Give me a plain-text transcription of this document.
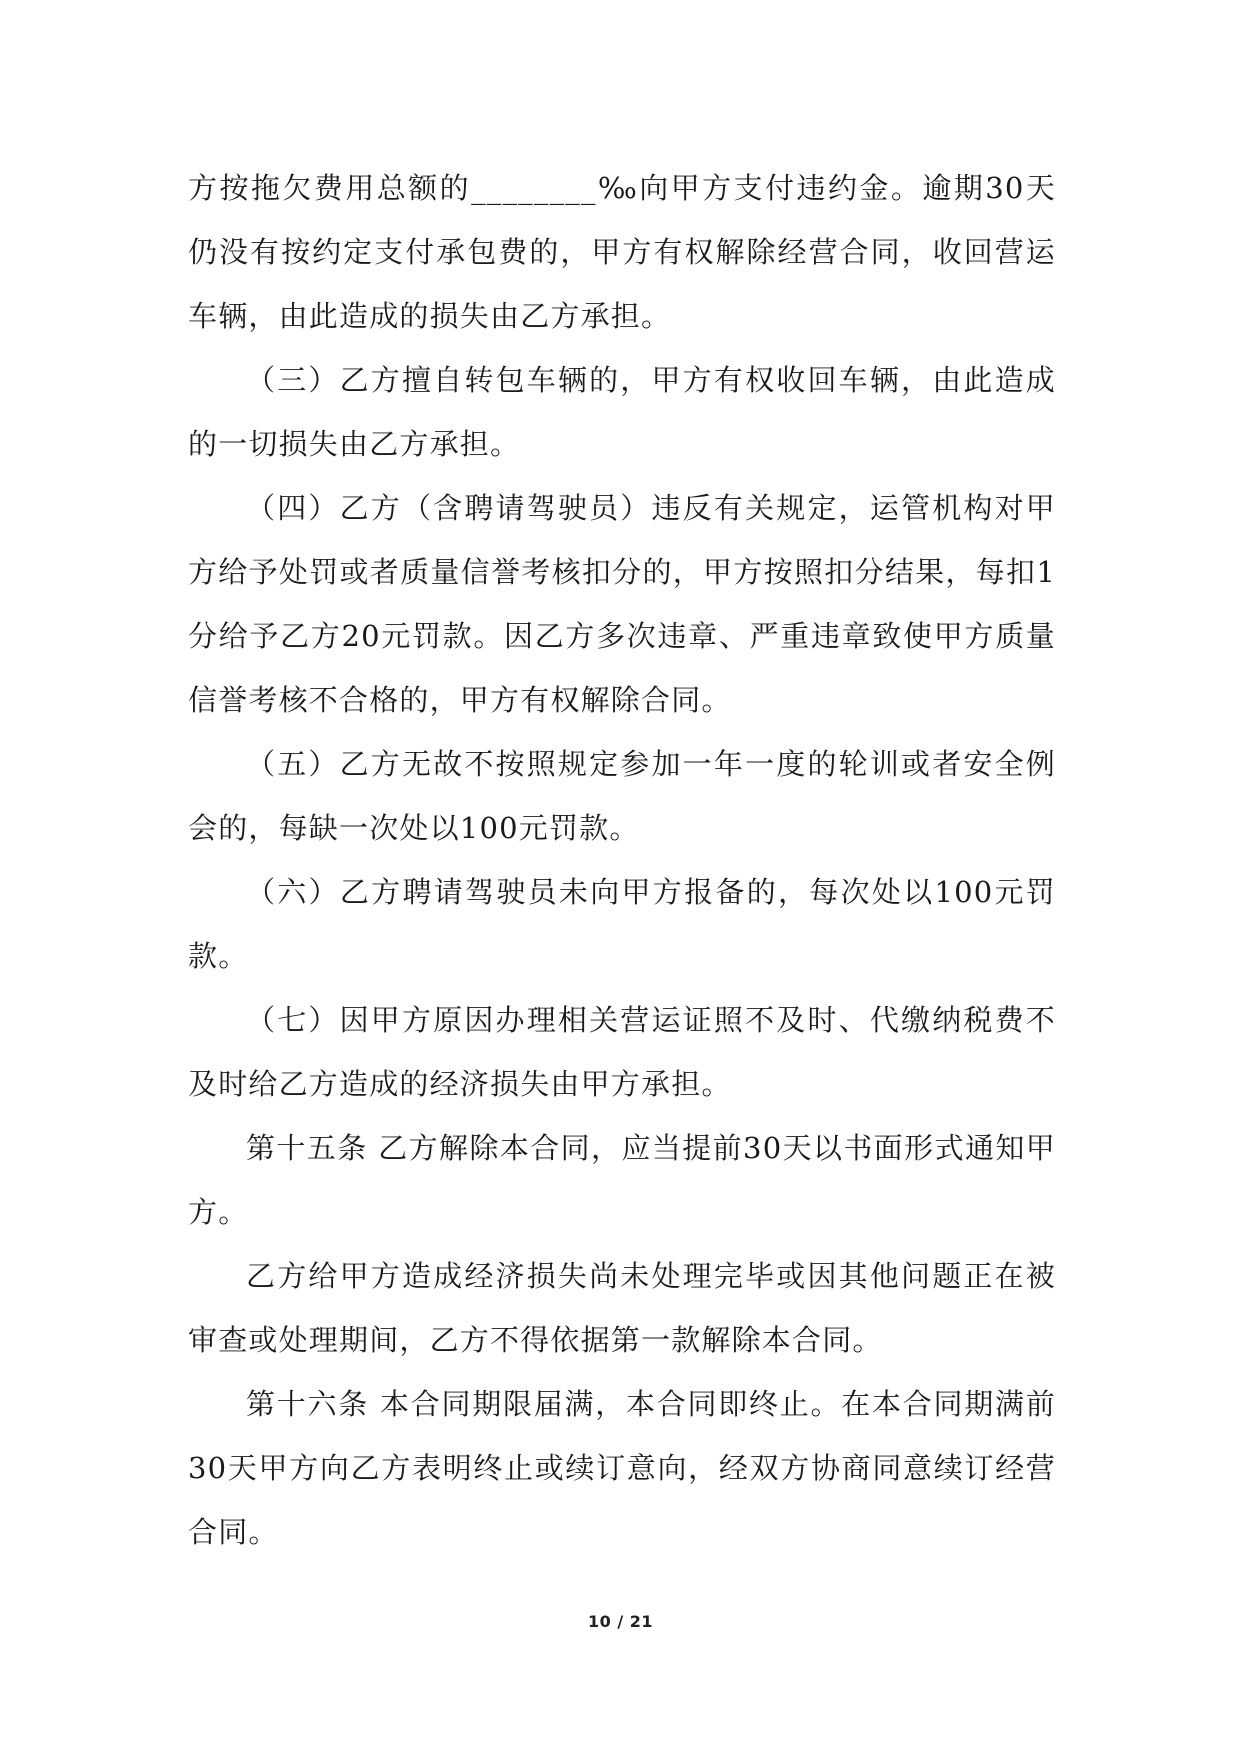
方按拖欠费用总额的________‰向甲方支付违约金。逾期30天仍没有按约定支付承包费的，甲方有权解除经营合同，收回营运车辆，由此造成的损失由乙方承担。

（三）乙方擅自转包车辆的，甲方有权收回车辆，由此造成的一切损失由乙方承担。

（四）乙方（含聘请驾驶员）违反有关规定，运管机构对甲方给予处罚或者质量信誉考核扣分的，甲方按照扣分结果，每扣1分给予乙方20元罚款。因乙方多次违章、严重违章致使甲方质量信誉考核不合格的，甲方有权解除合同。

（五）乙方无故不按照规定参加一年一度的轮训或者安全例会的，每缺一次处以100元罚款。

（六）乙方聘请驾驶员未向甲方报备的，每次处以100元罚款。

（七）因甲方原因办理相关营运证照不及时、代缴纳税费不及时给乙方造成的经济损失由甲方承担。

第十五条 乙方解除本合同，应当提前30天以书面形式通知甲方。

乙方给甲方造成经济损失尚未处理完毕或因其他问题正在被审查或处理期间，乙方不得依据第一款解除本合同。

第十六条 本合同期限届满，本合同即终止。在本合同期满前30天甲方向乙方表明终止或续订意向，经双方协商同意续订经营合同。

10 / 21
